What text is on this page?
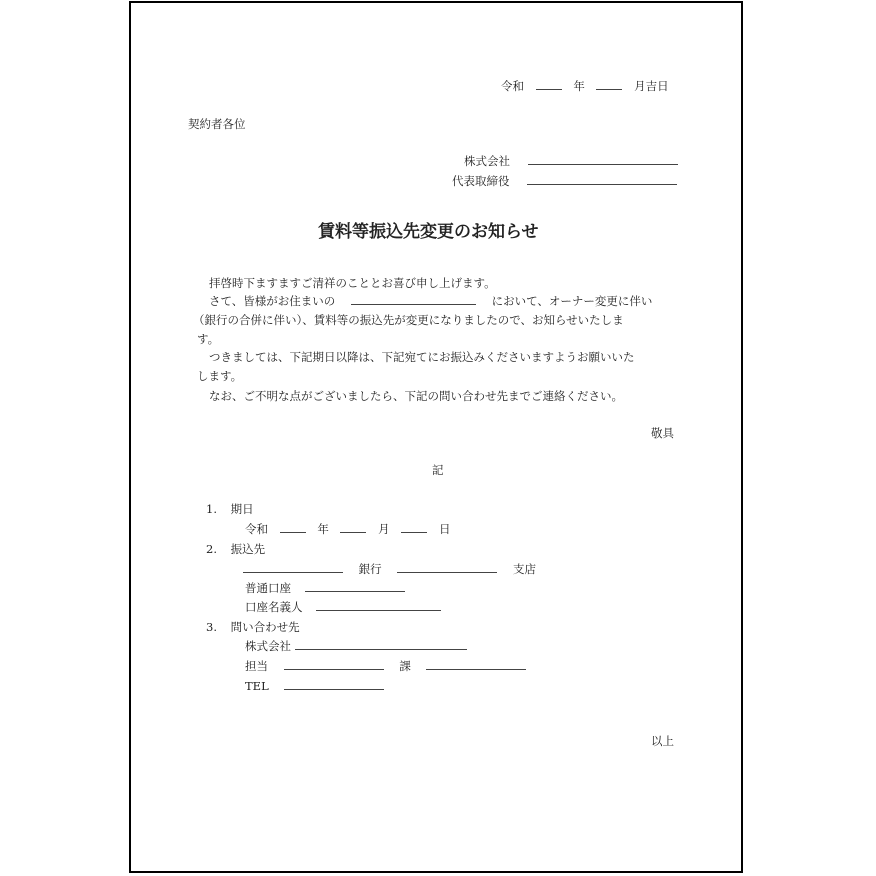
令和	年	月吉日
契約者各位
株式会社
代表取締役
賃料等振込先変更のお知らせ
拝啓時下ますますご清祥のこととお喜び申し上げます。
さて、皆様がお住まいの	において、オーナー変更に伴い
（銀行の合併に伴い）、賃料等の振込先が変更になりましたので、お知らせいたしま
す。
つきましては、下記期日以降は、下記宛てにお振込みくださいますようお願いいた
します。
なお、ご不明な点がございましたら、下記の問い合わせ先までご連絡ください。
敬具
記
1. 期日
令和	年	月	日
2. 振込先
銀行	支店
普通口座
口座名義人
3. 問い合わせ先
株式会社
担当	課
TEL
以上
